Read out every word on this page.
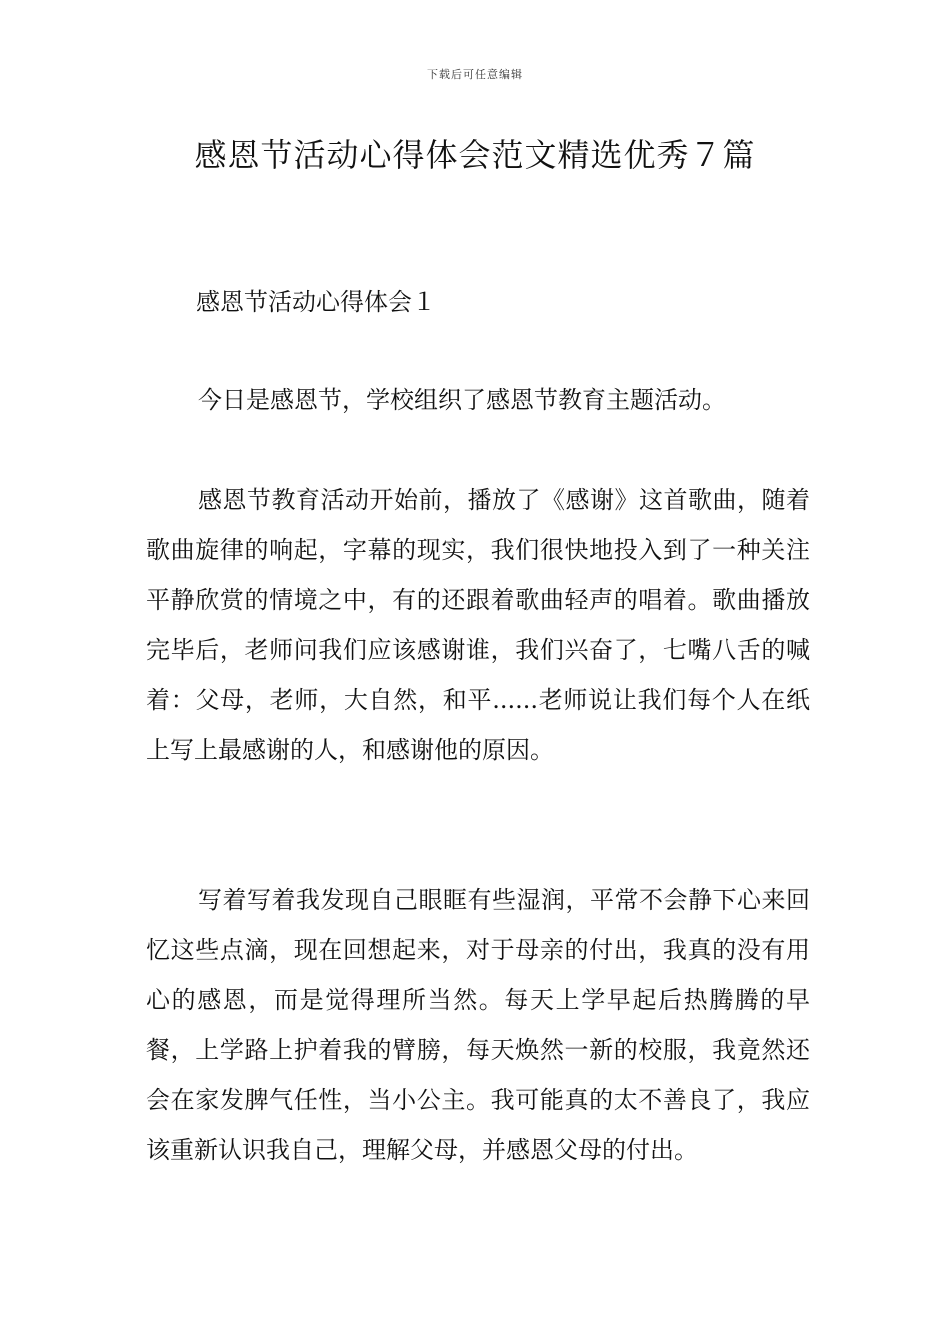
下载后可任意编辑
感恩节活动心得体会范文精选优秀７篇
感恩节活动心得体会１

今日是感恩节，学校组织了感恩节教育主题活动。

感恩节教育活动开始前，播放了《感谢》这首歌曲，随着歌曲旋律的响起，字幕的现实，我们很快地投入到了一种关注平静欣赏的情境之中，有的还跟着歌曲轻声的唱着。歌曲播放完毕后，老师问我们应该感谢谁，我们兴奋了，七嘴八舌的喊着：父母，老师，大自然，和平......老师说让我们每个人在纸上写上最感谢的人，和感谢他的原因。

写着写着我发现自己眼眶有些湿润，平常不会静下心来回忆这些点滴，现在回想起来，对于母亲的付出，我真的没有用心的感恩，而是觉得理所当然。每天上学早起后热腾腾的早餐，上学路上护着我的臂膀，每天焕然一新的校服，我竟然还会在家发脾气任性，当小公主。我可能真的太不善良了，我应该重新认识我自己，理解父母，并感恩父母的付出。
